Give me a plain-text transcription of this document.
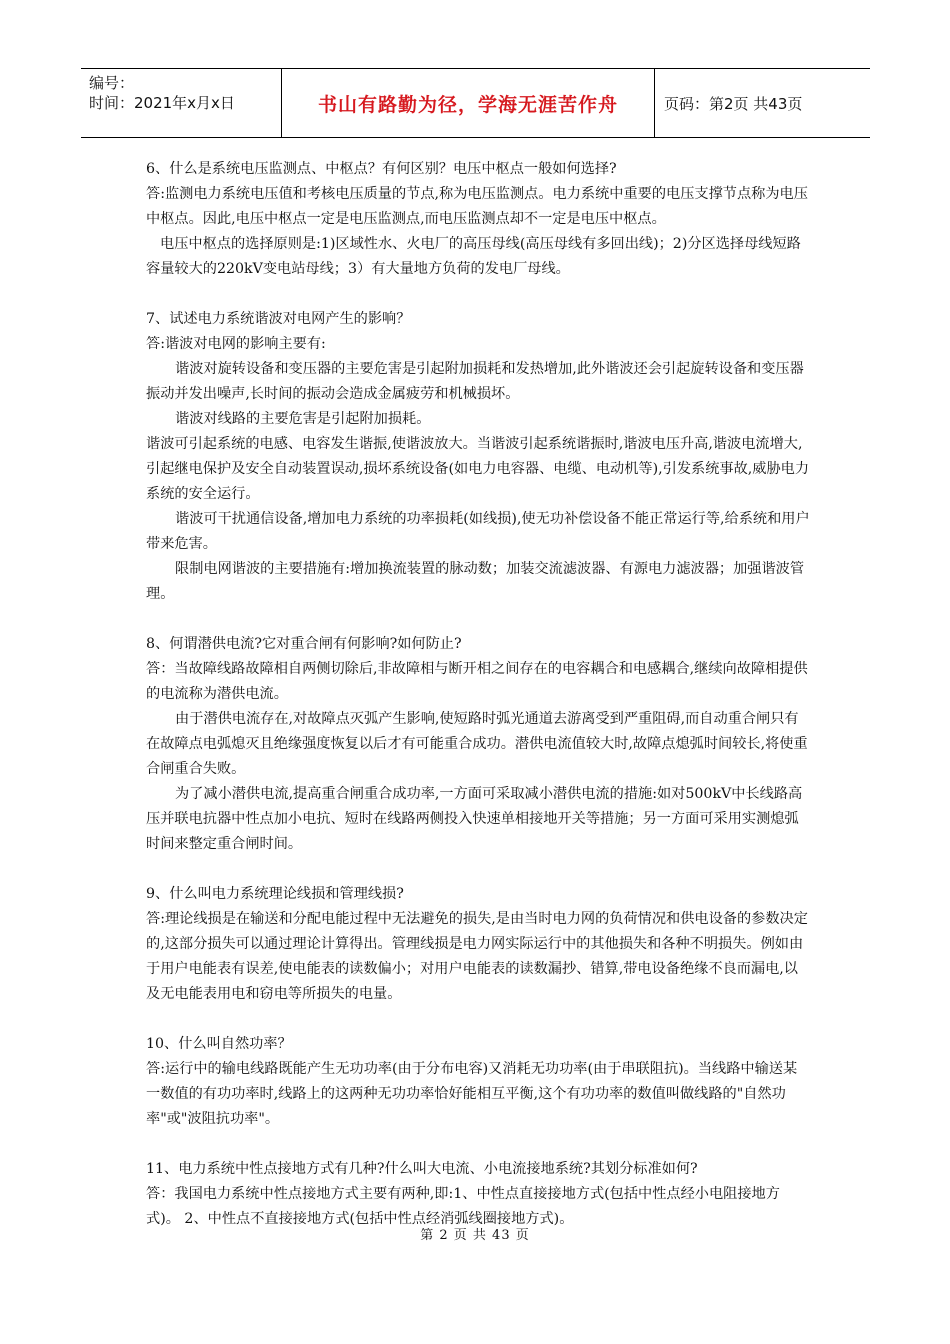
编号：
时间：2021年x月x日	书山有路勤为径，学海无涯苦作舟	页码：第2页 共43页

6、什么是系统电压监测点、中枢点？有何区别？电压中枢点一般如何选择?

答:监测电力系统电压值和考核电压质量的节点,称为电压监测点。电力系统中重要的电压支撑节点称为电压中枢点。因此,电压中枢点一定是电压监测点,而电压监测点却不一定是电压中枢点。

电压中枢点的选择原则是:1)区域性水、火电厂的高压母线(高压母线有多回出线)；2)分区选择母线短路容量较大的220kV变电站母线；3）有大量地方负荷的发电厂母线。

7、试述电力系统谐波对电网产生的影响？

答:谐波对电网的影响主要有:

谐波对旋转设备和变压器的主要危害是引起附加损耗和发热增加,此外谐波还会引起旋转设备和变压器振动并发出噪声,长时间的振动会造成金属疲劳和机械损坏。

谐波对线路的主要危害是引起附加损耗。

谐波可引起系统的电感、电容发生谐振,使谐波放大。当谐波引起系统谐振时,谐波电压升高,谐波电流增大,引起继电保护及安全自动装置误动,损坏系统设备(如电力电容器、电缆、电动机等),引发系统事故,威胁电力系统的安全运行。

谐波可干扰通信设备,增加电力系统的功率损耗(如线损),使无功补偿设备不能正常运行等,给系统和用户带来危害。

限制电网谐波的主要措施有:增加换流装置的脉动数；加装交流滤波器、有源电力滤波器；加强谐波管理。

8、何谓潜供电流?它对重合闸有何影响?如何防止?

答：当故障线路故障相自两侧切除后,非故障相与断开相之间存在的电容耦合和电感耦合,继续向故障相提供的电流称为潜供电流。

由于潜供电流存在,对故障点灭弧产生影响,使短路时弧光通道去游离受到严重阻碍,而自动重合闸只有在故障点电弧熄灭且绝缘强度恢复以后才有可能重合成功。潜供电流值较大时,故障点熄弧时间较长,将使重合闸重合失败。

为了减小潜供电流,提高重合闸重合成功率,一方面可采取减小潜供电流的措施:如对500kV中长线路高压并联电抗器中性点加小电抗、短时在线路两侧投入快速单相接地开关等措施；另一方面可采用实测熄弧时间来整定重合闸时间。

9、什么叫电力系统理论线损和管理线损?

答:理论线损是在输送和分配电能过程中无法避免的损失,是由当时电力网的负荷情况和供电设备的参数决定的,这部分损失可以通过理论计算得出。管理线损是电力网实际运行中的其他损失和各种不明损失。例如由于用户电能表有误差,使电能表的读数偏小；对用户电能表的读数漏抄、错算,带电设备绝缘不良而漏电,以及无电能表用电和窃电等所损失的电量。

10、什么叫自然功率？

答:运行中的输电线路既能产生无功功率(由于分布电容)又消耗无功功率(由于串联阻抗)。当线路中输送某一数值的有功功率时,线路上的这两种无功功率恰好能相互平衡,这个有功功率的数值叫做线路的"自然功率"或"波阻抗功率"。

11、电力系统中性点接地方式有几种?什么叫大电流、小电流接地系统?其划分标准如何?

答：我国电力系统中性点接地方式主要有两种,即:1、中性点直接接地方式(包括中性点经小电阻接地方式)。 2、中性点不直接接地方式(包括中性点经消弧线圈接地方式)。

第 2 页 共 43 页
